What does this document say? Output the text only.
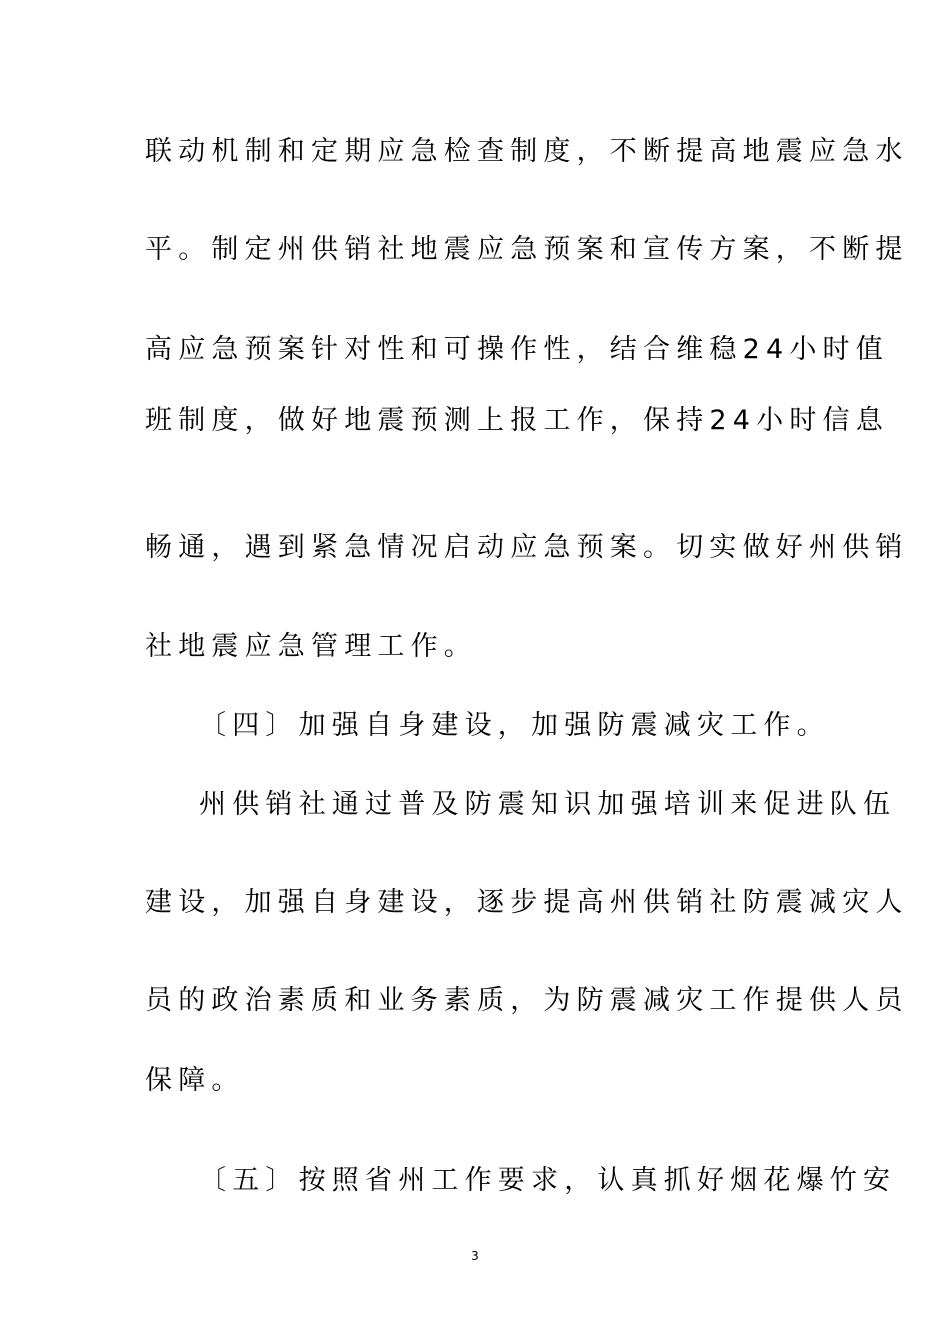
联动机制和定期应急检查制度，不断提高地震应急水
平。制定州供销社地震应急预案和宣传方案，不断提
高应急预案针对性和可操作性，结合维稳24小时值
班制度，做好地震预测上报工作，保持24小时信息
畅通，遇到紧急情况启动应急预案。切实做好州供销
社地震应急管理工作。
〔四〕加强自身建设，加强防震减灾工作。
州供销社通过普及防震知识加强培训来促进队伍
建设，加强自身建设，逐步提高州供销社防震减灾人
员的政治素质和业务素质，为防震减灾工作提供人员
保障。
〔五〕按照省州工作要求，认真抓好烟花爆竹安
3
